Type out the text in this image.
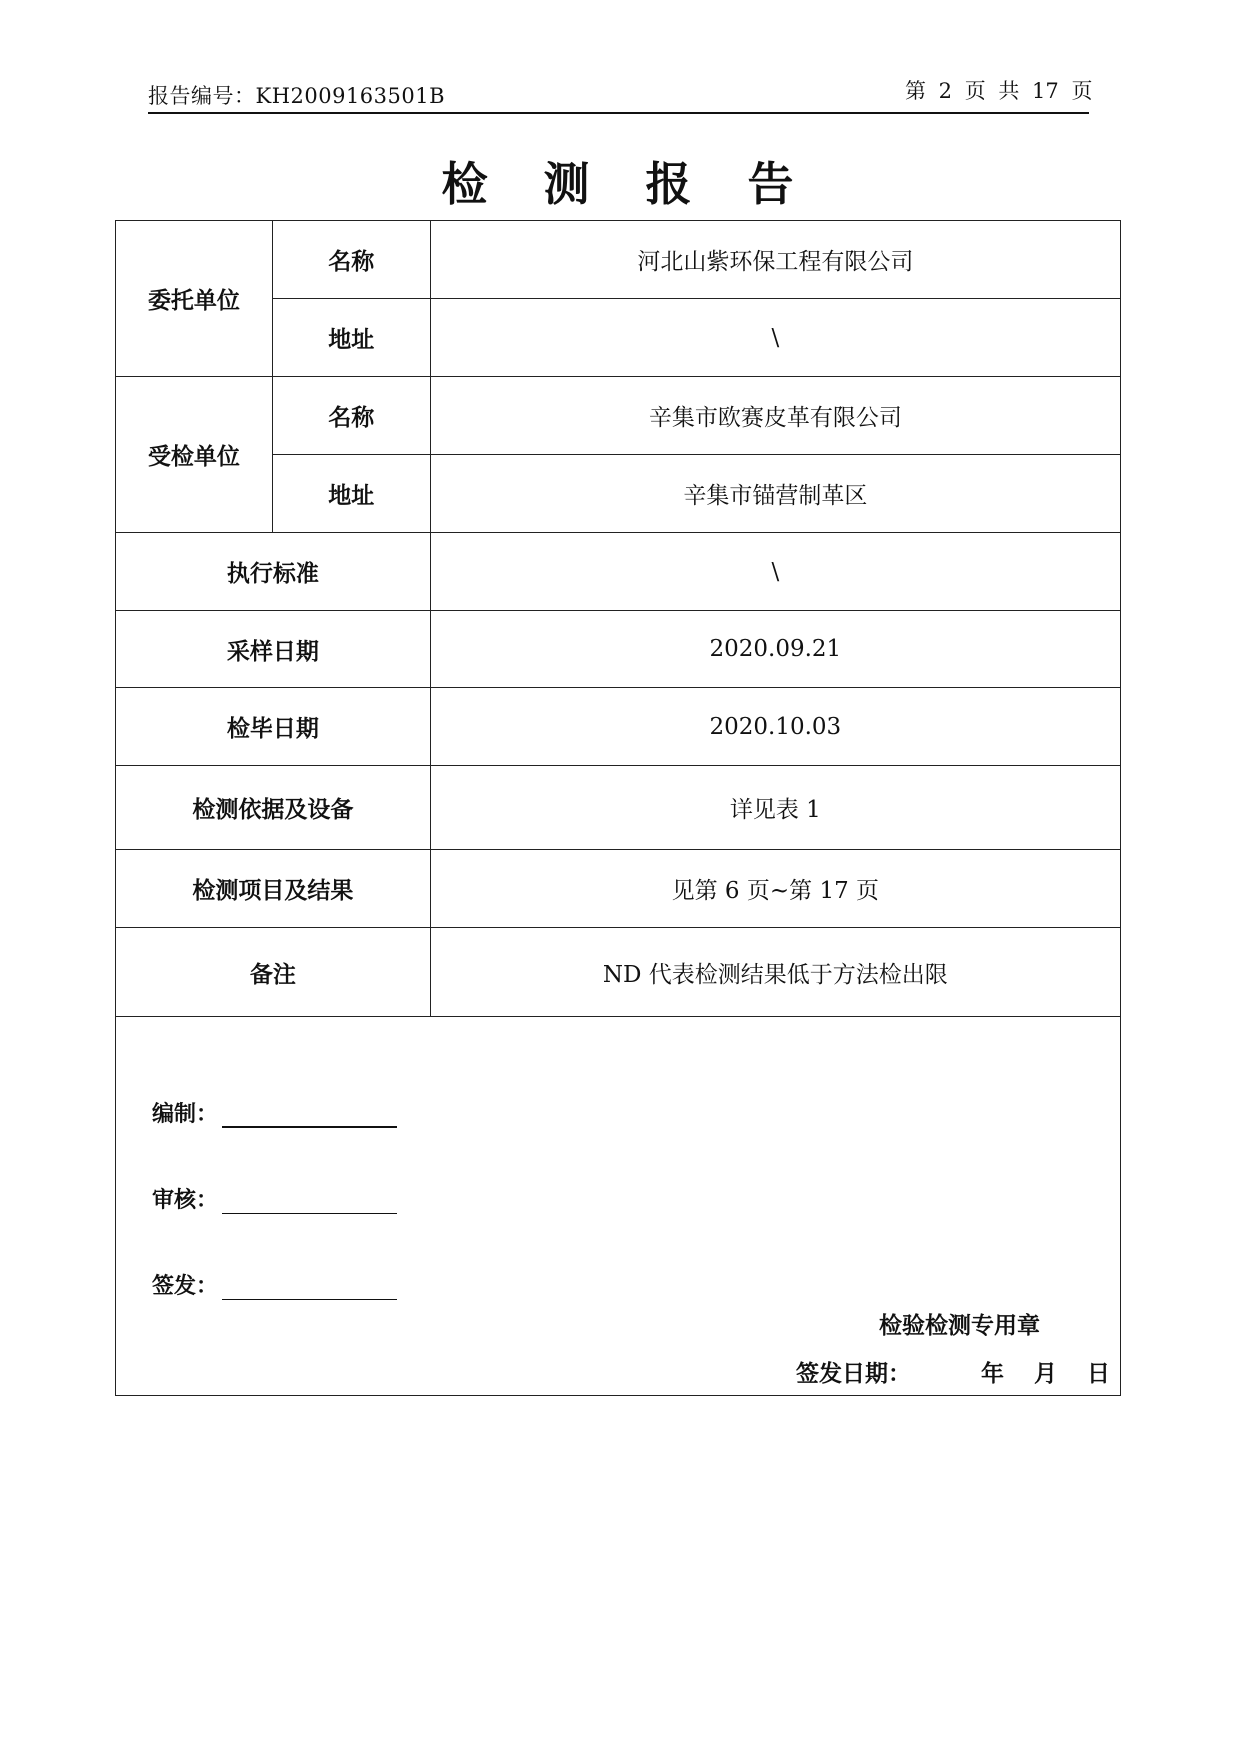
报告编号：KH2009163501B	第 2 页 共 17 页
检测报告
委托单位	名称	河北山紫环保工程有限公司
	地址	\
受检单位	名称	辛集市欧赛皮革有限公司
	地址	辛集市锚营制革区
执行标准		\
采样日期		2020.09.21
检毕日期		2020.10.03
检测依据及设备		详见表 1
检测项目及结果		见第 6 页~第 17 页
备注		ND 代表检测结果低于方法检出限

编制：
审核：
签发：
检验检测专用章
签发日期： 年 月 日		
